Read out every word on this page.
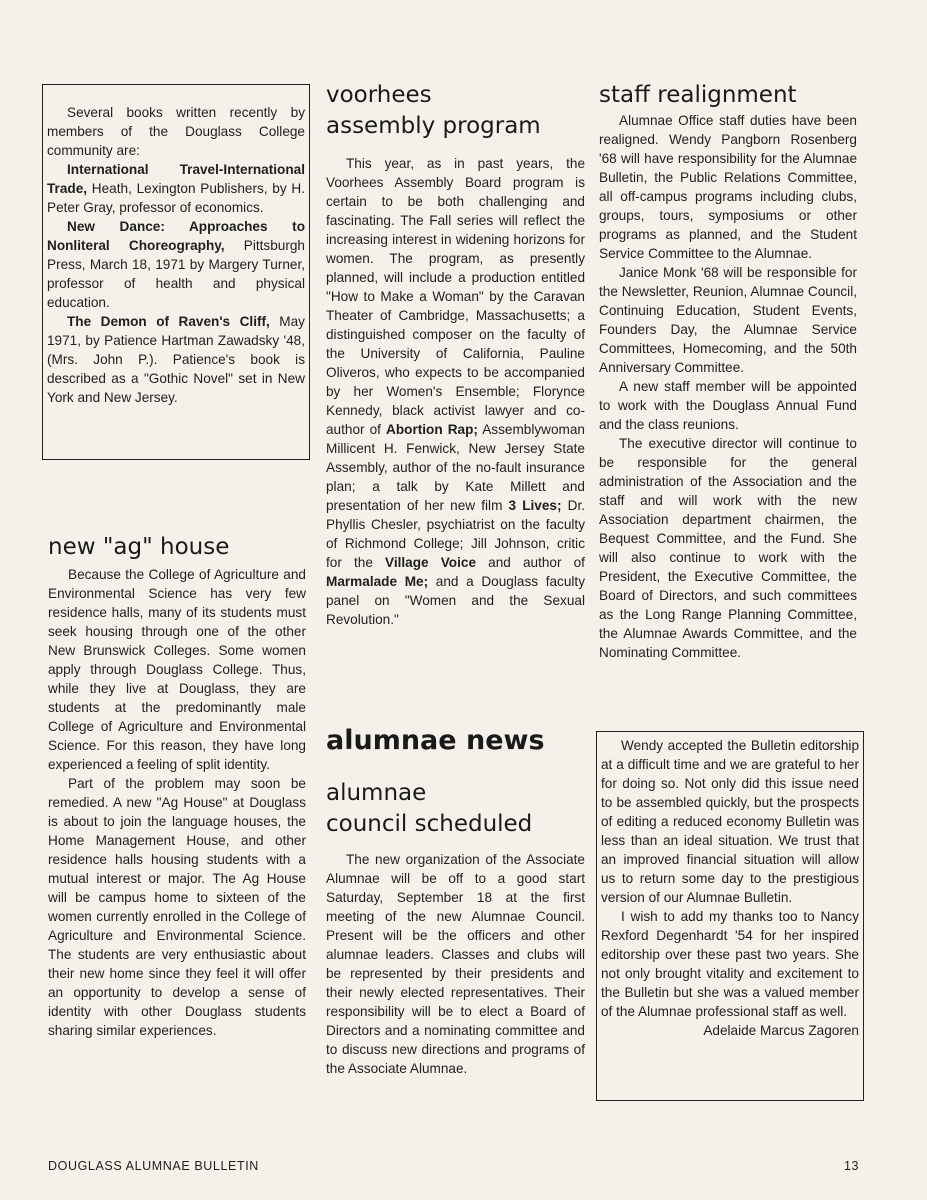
Several books written recently by members of the Douglass College community are:

International Travel-International Trade, Heath, Lexington Publishers, by H. Peter Gray, professor of economics.

New Dance: Approaches to Nonliteral Choreography, Pittsburgh Press, March 18, 1971 by Margery Turner, professor of health and physical education.

The Demon of Raven's Cliff, May 1971, by Patience Hartman Zawadsky '48, (Mrs. John P.). Patience's book is described as a "Gothic Novel" set in New York and New Jersey.

new "ag" house

Because the College of Agriculture and Environmental Science has very few residence halls, many of its students must seek housing through one of the other New Brunswick Colleges. Some women apply through Douglass College. Thus, while they live at Douglass, they are students at the predominantly male College of Agriculture and Environmental Science. For this reason, they have long experienced a feeling of split identity.

Part of the problem may soon be remedied. A new "Ag House" at Douglass is about to join the language houses, the Home Management House, and other residence halls housing students with a mutual interest or major. The Ag House will be campus home to sixteen of the women currently enrolled in the College of Agriculture and Environmental Science. The students are very enthusiastic about their new home since they feel it will offer an opportunity to develop a sense of identity with other Douglass students sharing similar experiences.

voorhees
assembly program

This year, as in past years, the Voorhees Assembly Board program is certain to be both challenging and fascinating. The Fall series will reflect the increasing interest in widening horizons for women. The program, as presently planned, will include a production entitled "How to Make a Woman" by the Caravan Theater of Cambridge, Massachusetts; a distinguished composer on the faculty of the University of California, Pauline Oliveros, who expects to be accompanied by her Women's Ensemble; Florynce Kennedy, black activist lawyer and co-author of Abortion Rap; Assemblywoman Millicent H. Fenwick, New Jersey State Assembly, author of the no-fault insurance plan; a talk by Kate Millett and presentation of her new film 3 Lives; Dr. Phyllis Chesler, psychiatrist on the faculty of Richmond College; Jill Johnson, critic for the Village Voice and author of Marmalade Me; and a Douglass faculty panel on "Women and the Sexual Revolution."

alumnae news
alumnae
council scheduled

The new organization of the Associate Alumnae will be off to a good start Saturday, September 18 at the first meeting of the new Alumnae Council. Present will be the officers and other alumnae leaders. Classes and clubs will be represented by their presidents and their newly elected representatives. Their responsibility will be to elect a Board of Directors and a nominating committee and to discuss new directions and programs of the Associate Alumnae.

staff realignment

Alumnae Office staff duties have been realigned. Wendy Pangborn Rosenberg '68 will have responsibility for the Alumnae Bulletin, the Public Relations Committee, all off-campus programs including clubs, groups, tours, symposiums or other programs as planned, and the Student Service Committee to the Alumnae.

Janice Monk '68 will be responsible for the Newsletter, Reunion, Alumnae Council, Continuing Education, Student Events, Founders Day, the Alumnae Service Committees, Homecoming, and the 50th Anniversary Committee.

A new staff member will be appointed to work with the Douglass Annual Fund and the class reunions.

The executive director will continue to be responsible for the general administration of the Association and the staff and will work with the new Association department chairmen, the Bequest Committee, and the Fund. She will also continue to work with the President, the Executive Committee, the Board of Directors, and such committees as the Long Range Planning Committee, the Alumnae Awards Committee, and the Nominating Committee.

Wendy accepted the Bulletin editorship at a difficult time and we are grateful to her for doing so. Not only did this issue need to be assembled quickly, but the prospects of editing a reduced economy Bulletin was less than an ideal situation. We trust that an improved financial situation will allow us to return some day to the prestigious version of our Alumnae Bulletin.

I wish to add my thanks too to Nancy Rexford Degenhardt '54 for her inspired editorship over these past two years. She not only brought vitality and excitement to the Bulletin but she was a valued member of the Alumnae professional staff as well.

Adelaide Marcus Zagoren

DOUGLASS ALUMNAE BULLETIN	13
